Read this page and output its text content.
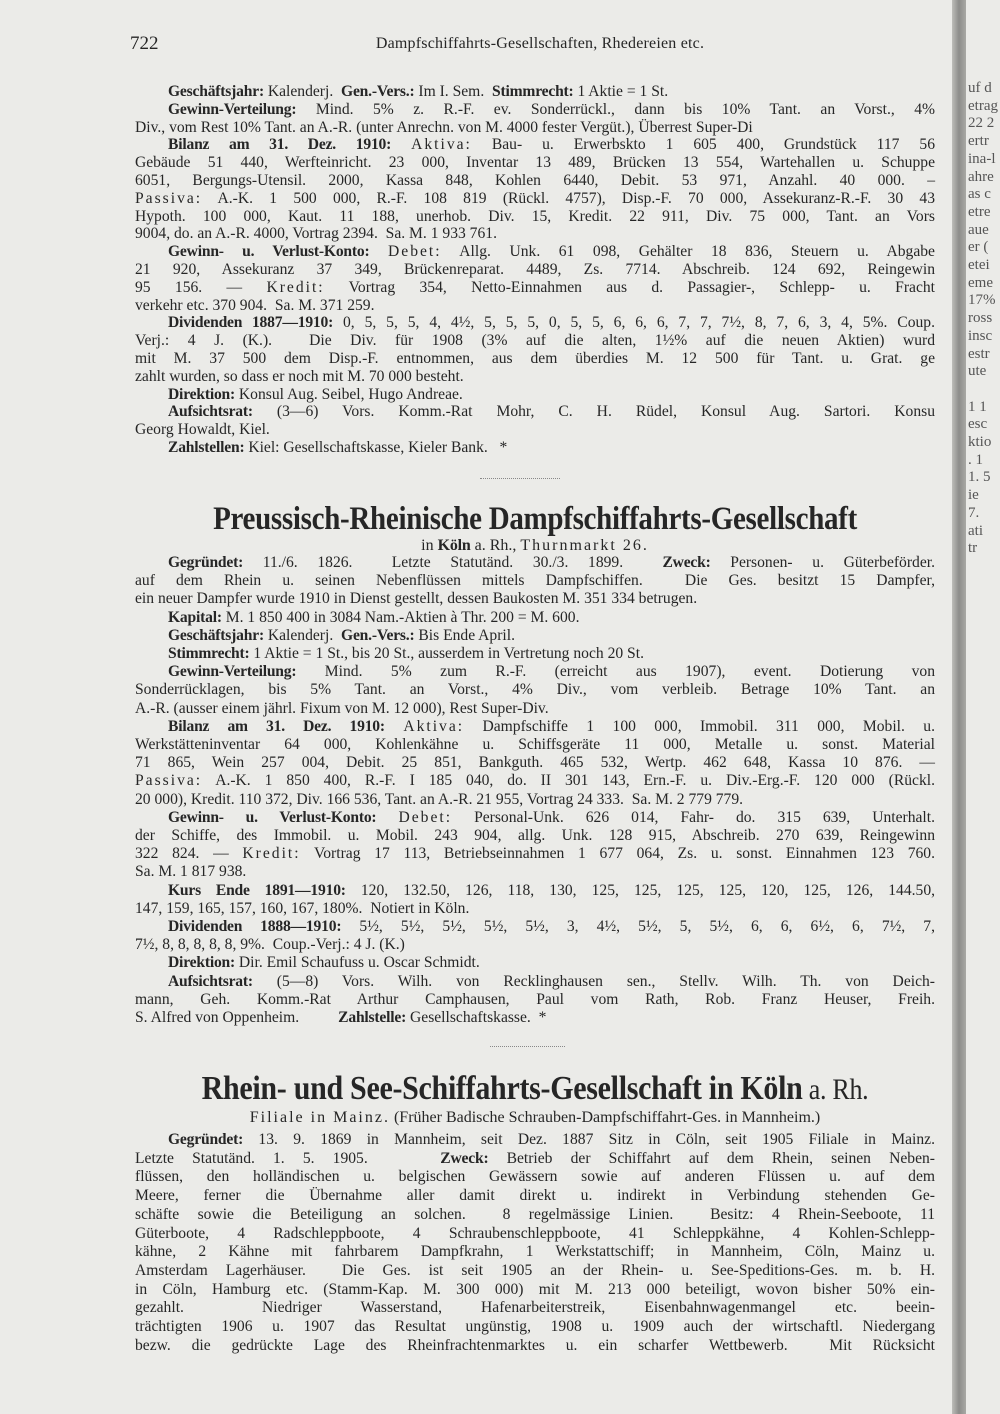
722	Dampfschiffahrts-Gesellschaften, Rhedereien etc.
Geschäftsjahr: Kalenderj.  Gen.-Vers.: Im I. Sem.  Stimmrecht: 1 Aktie = 1 St.
Gewinn-Verteilung: Mind. 5% z. R.-F. ev. Sonderrückl., dann bis 10% Tant. an Vorst., 4%
Div., vom Rest 10% Tant. an A.-R. (unter Anrechn. von M. 4000 fester Vergüt.), Überrest Super-Di
Bilanz am 31. Dez. 1910: Aktiva: Bau- u. Erwerbskto 1 605 400, Grundstück 117 56
Gebäude 51 440, Werfteinricht. 23 000, Inventar 13 489, Brücken 13 554, Wartehallen u. Schuppe
6051, Bergungs-Utensil. 2000, Kassa 848, Kohlen 6440, Debit. 53 971, Anzahl. 40 000. –
Passiva: A.-K. 1 500 000, R.-F. 108 819 (Rückl. 4757), Disp.-F. 70 000, Assekuranz-R.-F. 30 43
Hypoth. 100 000, Kaut. 11 188, unerhob. Div. 15, Kredit. 22 911, Div. 75 000, Tant. an Vors
9004, do. an A.-R. 4000, Vortrag 2394.  Sa. M. 1 933 761.
Gewinn- u. Verlust-Konto: Debet: Allg. Unk. 61 098, Gehälter 18 836, Steuern u. Abgabe
21 920, Assekuranz 37 349, Brückenreparat. 4489, Zs. 7714. Abschreib. 124 692, Reingewin
95 156. — Kredit: Vortrag 354, Netto-Einnahmen aus d. Passagier-, Schlepp- u. Fracht
verkehr etc. 370 904.  Sa. M. 371 259.
Dividenden 1887—1910: 0, 5, 5, 5, 4, 4½, 5, 5, 5, 0, 5, 5, 6, 6, 6, 7, 7, 7½, 8, 7, 6, 3, 4, 5%. Coup.
Verj.: 4 J. (K.).  Die Div. für 1908 (3% auf die alten, 1½% auf die neuen Aktien) wurd
mit M. 37 500 dem Disp.-F. entnommen, aus dem überdies M. 12 500 für Tant. u. Grat. ge
zahlt wurden, so dass er noch mit M. 70 000 besteht.
Direktion: Konsul Aug. Seibel, Hugo Andreae.
Aufsichtsrat: (3—6) Vors. Komm.-Rat Mohr, C. H. Rüdel, Konsul Aug. Sartori. Konsu
Georg Howaldt, Kiel.
Zahlstellen: Kiel: Gesellschaftskasse, Kieler Bank.   *
Preussisch-Rheinische Dampfschiffahrts-Gesellschaft
in Köln a. Rh., Thurnmarkt 26.
Gegründet: 11./6. 1826.  Letzte Statutänd. 30./3. 1899.  Zweck: Personen- u. Güterbeförder.
auf dem Rhein u. seinen Nebenflüssen mittels Dampfschiffen.  Die Ges. besitzt 15 Dampfer,
ein neuer Dampfer wurde 1910 in Dienst gestellt, dessen Baukosten M. 351 334 betrugen.
Kapital: M. 1 850 400 in 3084 Nam.-Aktien à Thr. 200 = M. 600.
Geschäftsjahr: Kalenderj.  Gen.-Vers.: Bis Ende April.
Stimmrecht: 1 Aktie = 1 St., bis 20 St., ausserdem in Vertretung noch 20 St.
Gewinn-Verteilung: Mind. 5% zum R.-F. (erreicht aus 1907), event. Dotierung von
Sonderrücklagen, bis 5% Tant. an Vorst., 4% Div., vom verbleib. Betrage 10% Tant. an
A.-R. (ausser einem jährl. Fixum von M. 12 000), Rest Super-Div.
Bilanz am 31. Dez. 1910: Aktiva: Dampfschiffe 1 100 000, Immobil. 311 000, Mobil. u.
Werkstätteninventar 64 000, Kohlenkähne u. Schiffsgeräte 11 000, Metalle u. sonst. Material
71 865, Wein 257 004, Debit. 25 851, Bankguth. 465 532, Wertp. 462 648, Kassa 10 876. —
Passiva: A.-K. 1 850 400, R.-F. I 185 040, do. II 301 143, Ern.-F. u. Div.-Erg.-F. 120 000 (Rückl.
20 000), Kredit. 110 372, Div. 166 536, Tant. an A.-R. 21 955, Vortrag 24 333.  Sa. M. 2 779 779.
Gewinn- u. Verlust-Konto: Debet: Personal-Unk. 626 014, Fahr- do. 315 639, Unterhalt.
der Schiffe, des Immobil. u. Mobil. 243 904, allg. Unk. 128 915, Abschreib. 270 639, Reingewinn
322 824. — Kredit: Vortrag 17 113, Betriebseinnahmen 1 677 064, Zs. u. sonst. Einnahmen 123 760.
Sa. M. 1 817 938.
Kurs Ende 1891—1910: 120, 132.50, 126, 118, 130, 125, 125, 125, 125, 120, 125, 126, 144.50,
147, 159, 165, 157, 160, 167, 180%.  Notiert in Köln.
Dividenden 1888—1910: 5½, 5½, 5½, 5½, 5½, 3, 4½, 5½, 5, 5½, 6, 6, 6½, 6, 7½, 7,
7½, 8, 8, 8, 8, 8, 9%.  Coup.-Verj.: 4 J. (K.)
Direktion: Dir. Emil Schaufuss u. Oscar Schmidt.
Aufsichtsrat: (5—8) Vors. Wilh. von Recklinghausen sen., Stellv. Wilh. Th. von Deich-
mann, Geh. Komm.-Rat Arthur Camphausen, Paul vom Rath, Rob. Franz Heuser, Freih.
S. Alfred von Oppenheim.          Zahlstelle: Gesellschaftskasse.  *
Rhein- und See-Schiffahrts-Gesellschaft in Köln a. Rh.
Filiale in Mainz. (Früher Badische Schrauben-Dampfschiffahrt-Ges. in Mannheim.)
Gegründet: 13. 9. 1869 in Mannheim, seit Dez. 1887 Sitz in Cöln, seit 1905 Filiale in Mainz.
Letzte Statutänd. 1. 5. 1905.    Zweck: Betrieb der Schiffahrt auf dem Rhein, seinen Neben-
flüssen, den holländischen u. belgischen Gewässern sowie auf anderen Flüssen u. auf dem
Meere, ferner die Übernahme aller damit direkt u. indirekt in Verbindung stehenden Ge-
schäfte sowie die Beteiligung an solchen.  8 regelmässige Linien.  Besitz: 4 Rhein-Seeboote, 11
Güterboote, 4 Radschleppboote, 4 Schraubenschleppboote, 41 Schleppkähne, 4 Kohlen-Schlepp-
kähne, 2 Kähne mit fahrbarem Dampfkrahn, 1 Werkstattschiff; in Mannheim, Cöln, Mainz u.
Amsterdam Lagerhäuser.  Die Ges. ist seit 1905 an der Rhein- u. See-Speditions-Ges. m. b. H.
in Cöln, Hamburg etc. (Stamm-Kap. M. 300 000) mit M. 213 000 beteiligt, wovon bisher 50% ein-
gezahlt.  Niedriger Wasserstand, Hafenarbeiterstreik, Eisenbahnwagenmangel etc. beein-
trächtigten 1906 u. 1907 das Resultat ungünstig, 1908 u. 1909 auch der wirtschaftl. Niedergang
bezw. die gedrückte Lage des Rheinfrachtenmarktes u. ein scharfer Wettbewerb.  Mit Rücksicht
uf d
etrag
22 2
ertr
ina-l
ahre
as c
etre
aue
er (
etei
eme
17%
ross
insc
estr
ute

1 1
esc
ktio
. 1
1. 5
ie
7.
ati
tr
